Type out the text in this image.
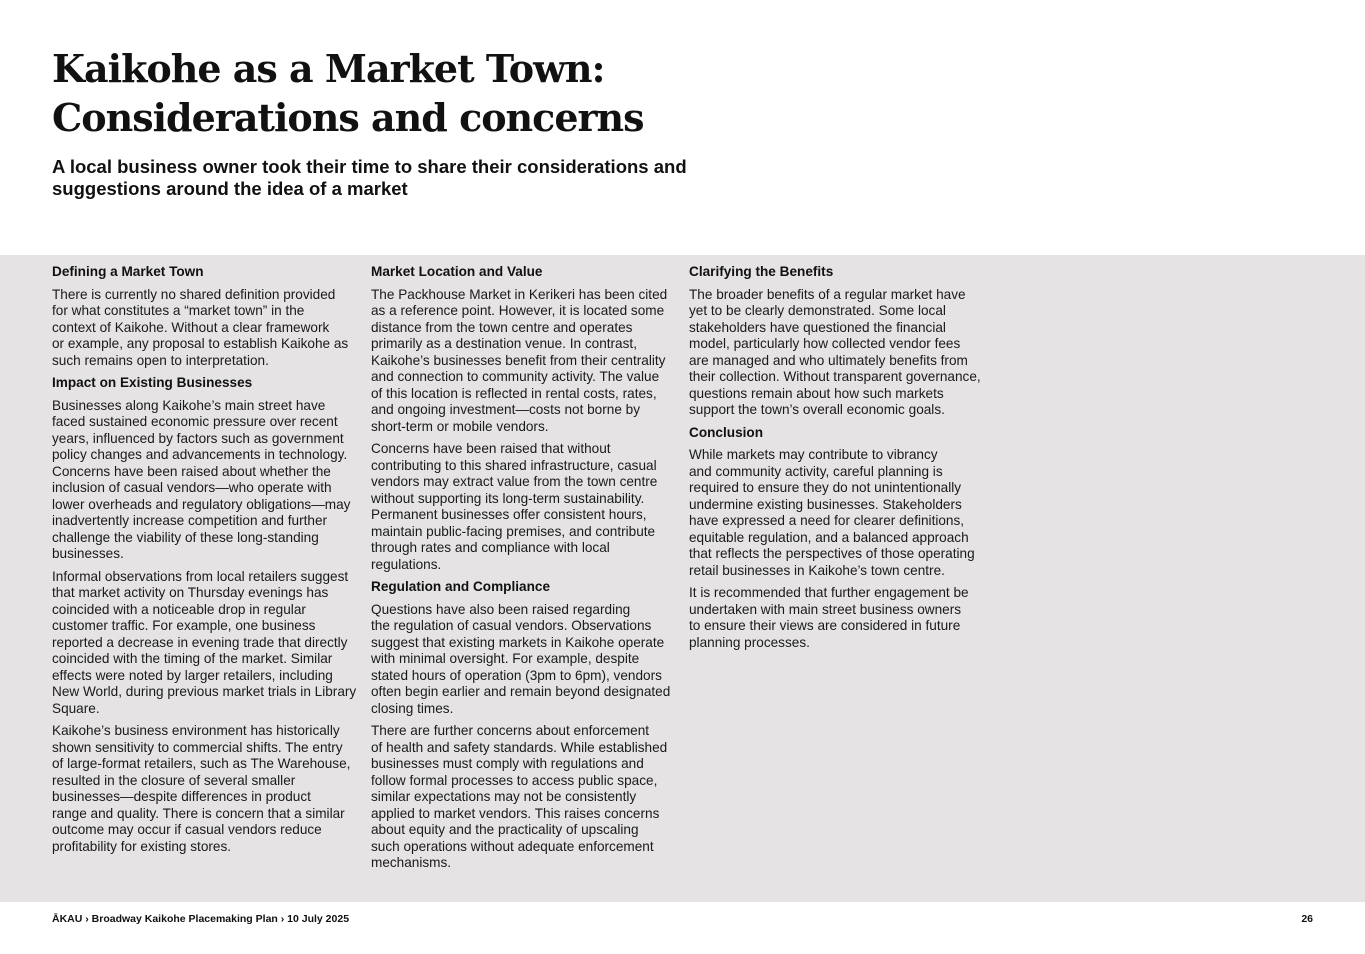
Kaikohe as a Market Town:
Considerations and concerns

A local business owner took their time to share their considerations and
suggestions around the idea of a market

Defining a Market Town

There is currently no shared definition provided
for what constitutes a “market town” in the
context of Kaikohe. Without a clear framework
or example, any proposal to establish Kaikohe as
such remains open to interpretation.

Impact on Existing Businesses

Businesses along Kaikohe’s main street have
faced sustained economic pressure over recent
years, influenced by factors such as government
policy changes and advancements in technology.
Concerns have been raised about whether the
inclusion of casual vendors—who operate with
lower overheads and regulatory obligations—may
inadvertently increase competition and further
challenge the viability of these long-standing
businesses.

Informal observations from local retailers suggest
that market activity on Thursday evenings has
coincided with a noticeable drop in regular
customer traffic. For example, one business
reported a decrease in evening trade that directly
coincided with the timing of the market. Similar
effects were noted by larger retailers, including
New World, during previous market trials in Library
Square.

Kaikohe’s business environment has historically
shown sensitivity to commercial shifts. The entry
of large-format retailers, such as The Warehouse,
resulted in the closure of several smaller
businesses—despite differences in product
range and quality. There is concern that a similar
outcome may occur if casual vendors reduce
profitability for existing stores.

Market Location and Value

The Packhouse Market in Kerikeri has been cited
as a reference point. However, it is located some
distance from the town centre and operates
primarily as a destination venue. In contrast,
Kaikohe’s businesses benefit from their centrality
and connection to community activity. The value
of this location is reflected in rental costs, rates,
and ongoing investment—costs not borne by
short-term or mobile vendors.

Concerns have been raised that without
contributing to this shared infrastructure, casual
vendors may extract value from the town centre
without supporting its long-term sustainability.
Permanent businesses offer consistent hours,
maintain public-facing premises, and contribute
through rates and compliance with local
regulations.

Regulation and Compliance

Questions have also been raised regarding
the regulation of casual vendors. Observations
suggest that existing markets in Kaikohe operate
with minimal oversight. For example, despite
stated hours of operation (3pm to 6pm), vendors
often begin earlier and remain beyond designated
closing times.

There are further concerns about enforcement
of health and safety standards. While established
businesses must comply with regulations and
follow formal processes to access public space,
similar expectations may not be consistently
applied to market vendors. This raises concerns
about equity and the practicality of upscaling
such operations without adequate enforcement
mechanisms.

Clarifying the Benefits

The broader benefits of a regular market have
yet to be clearly demonstrated. Some local
stakeholders have questioned the financial
model, particularly how collected vendor fees
are managed and who ultimately benefits from
their collection. Without transparent governance,
questions remain about how such markets
support the town’s overall economic goals.

Conclusion

While markets may contribute to vibrancy
and community activity, careful planning is
required to ensure they do not unintentionally
undermine existing businesses. Stakeholders
have expressed a need for clearer definitions,
equitable regulation, and a balanced approach
that reflects the perspectives of those operating
retail businesses in Kaikohe’s town centre.

It is recommended that further engagement be
undertaken with main street business owners
to ensure their views are considered in future
planning processes.

ĀKAU › Broadway Kaikohe Placemaking Plan › 10 July 2025	26
